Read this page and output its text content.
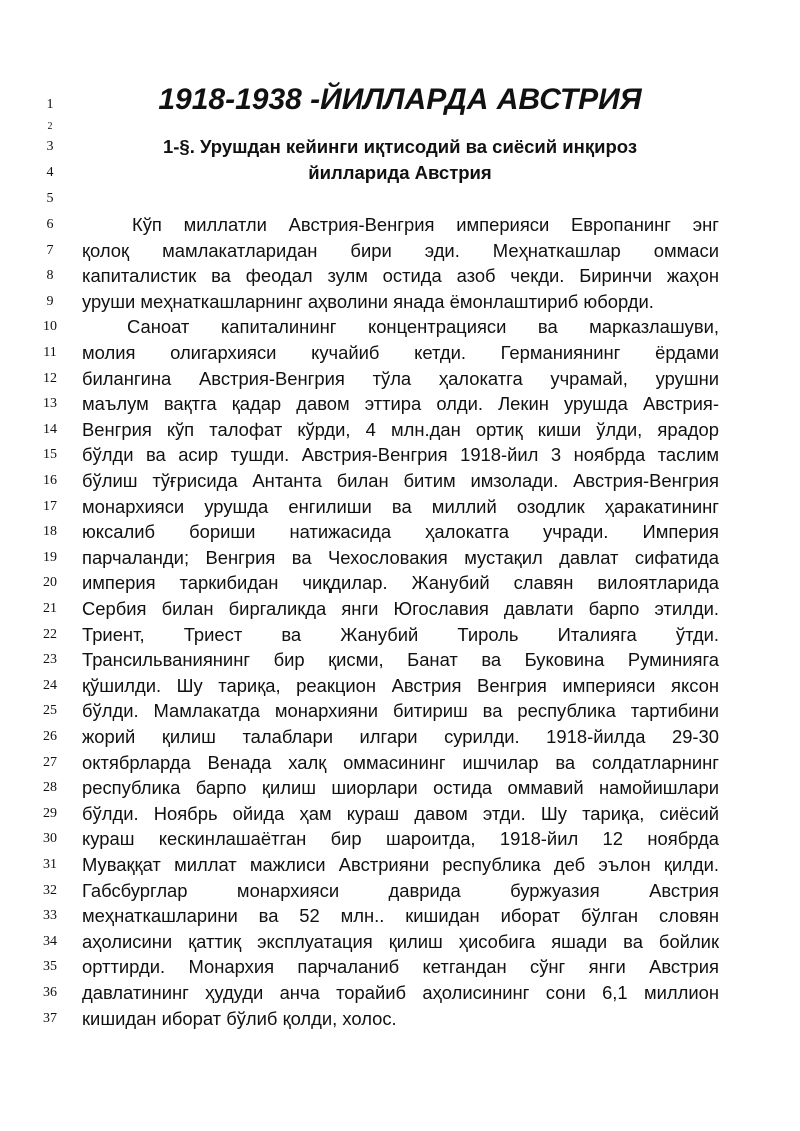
1
2
3
4
5
1918-1938 -ЙИЛЛАРДА АВСТРИЯ
1-§. Урушдан кейинги иқтисодий ва сиёсий инқироз
йилларида Австрия
6	Кўп миллатли Австрия-Венгрия империяси Европанинг энг
7	қолоқ мамлакатларидан бири эди. Меҳнаткашлар оммаси
8	капиталистик ва феодал зулм остида азоб чекди. Биринчи жаҳон
9	уруши меҳнаткашларнинг аҳволини янада ёмонлаштириб юборди.
10	Саноат капиталининг концентрацияси ва марказлашуви,
11	молия олигархияси кучайиб кетди. Германиянинг ёрдами
12	билангина Австрия-Венгрия тўла ҳалокатга учрамай, урушни
13	маълум вақтга қадар давом эттира олди. Лекин урушда Австрия-
14	Венгрия кўп талофат кўрди, 4 млн.дан ортиқ киши ўлди, ярадор
15	бўлди ва асир тушди. Австрия-Венгрия 1918-йил 3 ноябрда таслим
16	бўлиш тўғрисида Антанта билан битим имзолади. Австрия-Венгрия
17	монархияси урушда енгилиши ва миллий озодлик ҳаракатининг
18	юксалиб бориши натижасида ҳалокатга учради. Империя
19	парчаланди; Венгрия ва Чехословакия мустақил давлат сифатида
20	империя таркибидан чиқдилар. Жанубий славян вилоятларида
21	Сербия билан биргаликда янги Югославия давлати барпо этилди.
22	Триент, Триест ва Жанубий Тироль Италияга ўтди.
23	Трансильваниянинг бир қисми, Банат ва Буковина Руминияга
24	қўшилди. Шу тариқа, реакцион Австрия Венгрия империяси яксон
25	бўлди. Мамлакатда монархияни битириш ва республика тартибини
26	жорий қилиш талаблари илгари сурилди. 1918-йилда 29-30
27	октябрларда Венада халқ оммасининг ишчилар ва солдатларнинг
28	республика барпо қилиш шиорлари остида оммавий намойишлари
29	бўлди. Ноябрь ойида ҳам кураш давом этди. Шу тариқа, сиёсий
30	кураш кескинлашаётган бир шароитда, 1918-йил 12 ноябрда
31	Муваққат миллат мажлиси Австрияни республика деб эълон қилди.
32	Габсбурглар монархияси даврида буржуазия Австрия
33	меҳнаткашларини ва 52 млн.. кишидан иборат бўлган словян
34	аҳолисини қаттиқ эксплуатация қилиш ҳисобига яшади ва бойлик
35	орттирди. Монархия парчаланиб кетгандан сўнг янги Австрия
36	давлатининг ҳудуди анча торайиб аҳолисининг сони 6,1 миллион
37	кишидан иборат бўлиб қолди, холос.
